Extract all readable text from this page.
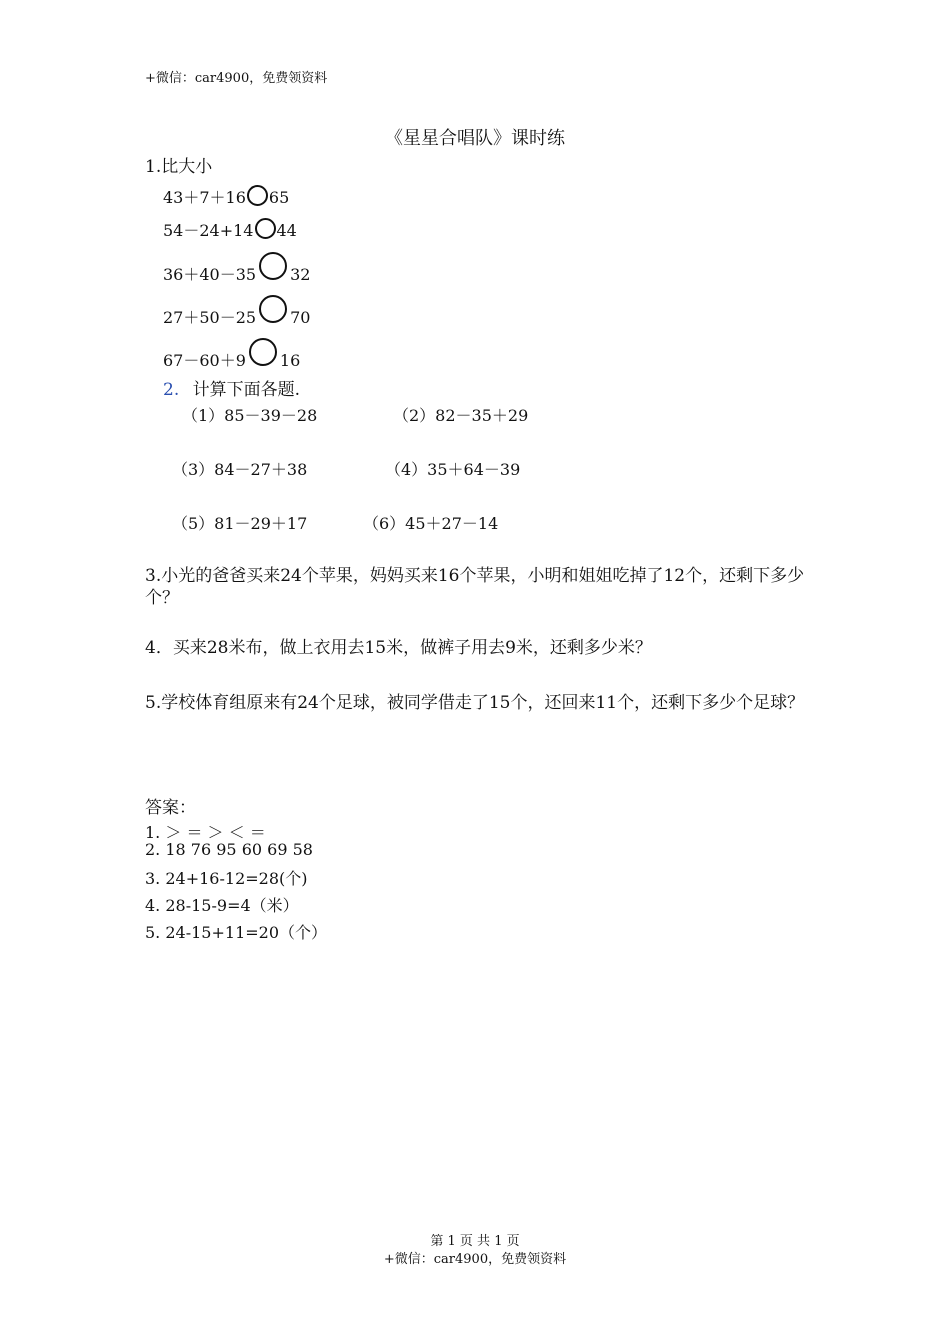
+微信：car4900，免费领资料
《星星合唱队》课时练
1.比大小
43＋7＋16 65
54－24+14 44
36＋40－35 32
27＋50－25 70
67－60＋9 16
2. 计算下面各题.
（1）85－39－28	（2）82－35＋29
（3）84－27＋38	（4）35＋64－39
（5）81－29＋17	（6）45＋27－14
3.小光的爸爸买来24个苹果，妈妈买来16个苹果，小明和姐姐吃掉了12个，还剩下多少个？
4．买来28米布，做上衣用去15米，做裤子用去9米，还剩多少米？
5.学校体育组原来有24个足球，被同学借走了15个，还回来11个，还剩下多少个足球？
答案：
1. ＞ ＝ ＞ ＜ ＝
2. 18 76 95 60 69 58
3. 24+16-12=28(个)
4. 28-15-9=4（米）
5. 24-15+11=20（个）
第 1 页 共 1 页
+微信：car4900，免费领资料
